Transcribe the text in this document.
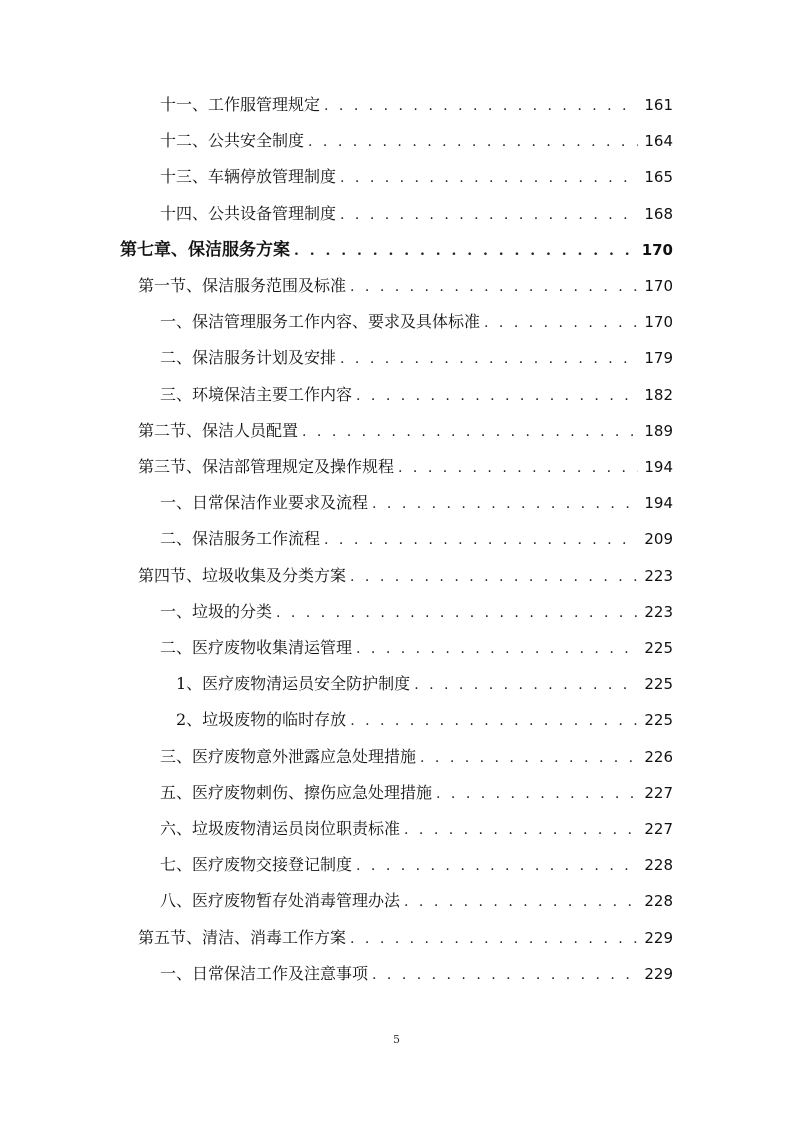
十一、工作服管理规定 . . .	161
十二、公共安全制度 . . .	164
十三、车辆停放管理制度 . . .	165
十四、公共设备管理制度 . . .	168
第七章、保洁服务方案 . . .	170
第一节、保洁服务范围及标准 . . .	170
一、保洁管理服务工作内容、要求及具体标准 . . .	170
二、保洁服务计划及安排 . . .	179
三、环境保洁主要工作内容 . . .	182
第二节、保洁人员配置 . . .	189
第三节、保洁部管理规定及操作规程 . . .	194
一、日常保洁作业要求及流程 . . .	194
二、保洁服务工作流程 . . .	209
第四节、垃圾收集及分类方案 . . .	223
一、垃圾的分类 . . .	223
二、医疗废物收集清运管理 . . .	225
1、医疗废物清运员安全防护制度 . . .	225
2、垃圾废物的临时存放 . . .	225
三、医疗废物意外泄露应急处理措施 . . .	226
五、医疗废物刺伤、擦伤应急处理措施 . . .	227
六、垃圾废物清运员岗位职责标准 . . .	227
七、医疗废物交接登记制度 . . .	228
八、医疗废物暂存处消毒管理办法 . . .	228
第五节、清洁、消毒工作方案 . . .	229
一、日常保洁工作及注意事项 . . .	229
5
